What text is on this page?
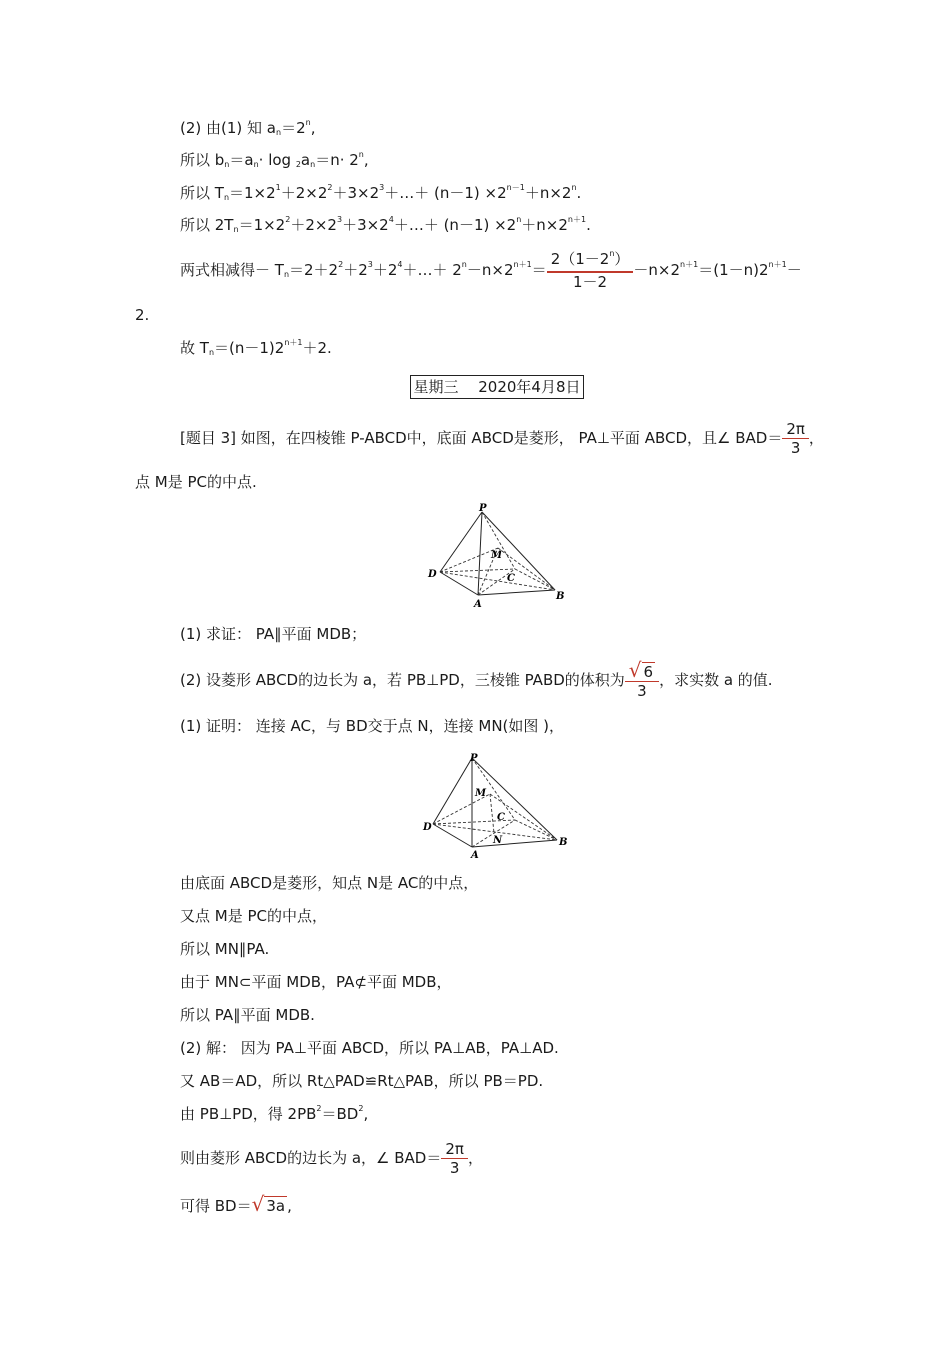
(2) 由(1) 知 $an=2^n$,
所以 $bn=an\cdot \log 2an=n\cdot 2^n$,
所以 $Tn=1\times 2^1+2\times 2^2+3\times 2^3+\dots+ (n-1) \times 2^{n-1}+n\times 2^n$.
所以 $2Tn=1\times 2^2+2\times 2^3+3\times 2^4+\dots+ (n-1) \times 2^n+n\times 2^{n+1}$.
两式相减得－ $Tn=2+2^2+2^3+2^4+\dots+ 2^n-n\times 2^{n+1}= \frac{2(1-2^n)}{1-2} -n\times 2^{n+1}=(1-n)2^{n+1}-$
2.
故 $Tn=(n-1)2^{n+1}+2$.
星期三　 2020年4月8日
[题目 3] 如图，在四棱锥 P-ABCD中，底面 ABCD是菱形， PA⊥平面 ABCD，且∠ $BAD= \frac{2\pi}{3}$ ，
点 M是 PC的中点.
P
M
D	C
A
B
(1) 求证： PA∥平面 MDB；
(2) 设菱形 ABCD的边长为 a，若 PB⊥PD，三棱锥 PABD的体积为 $\frac{√ 6}{3}$ ，求实数 a 的值.
(1) 证明： 连接 AC，与 BD交于点 N，连接 MN(如图 )，
P
M
D
C
N
A
B
由底面 ABCD是菱形，知点 N是 AC的中点，
又点 M是 PC的中点，
所以 MN∥PA.
由于 MN⊂平面 MDB，PA⊄平面 MDB，
所以 PA∥平面 MDB.
(2) 解： 因为 PA⊥平面 ABCD，所以 PA⊥AB，PA⊥AD.
又 AB＝AD，所以 Rt△PAD≌Rt△PAB，所以 PB＝PD.
由 PB⊥PD，得 $2PB^2=BD^2$,
则由菱形 ABCD的边长为 a，∠ $BAD= \frac{2\pi}{3}$ ，
可得 BD＝√ 3a ,
